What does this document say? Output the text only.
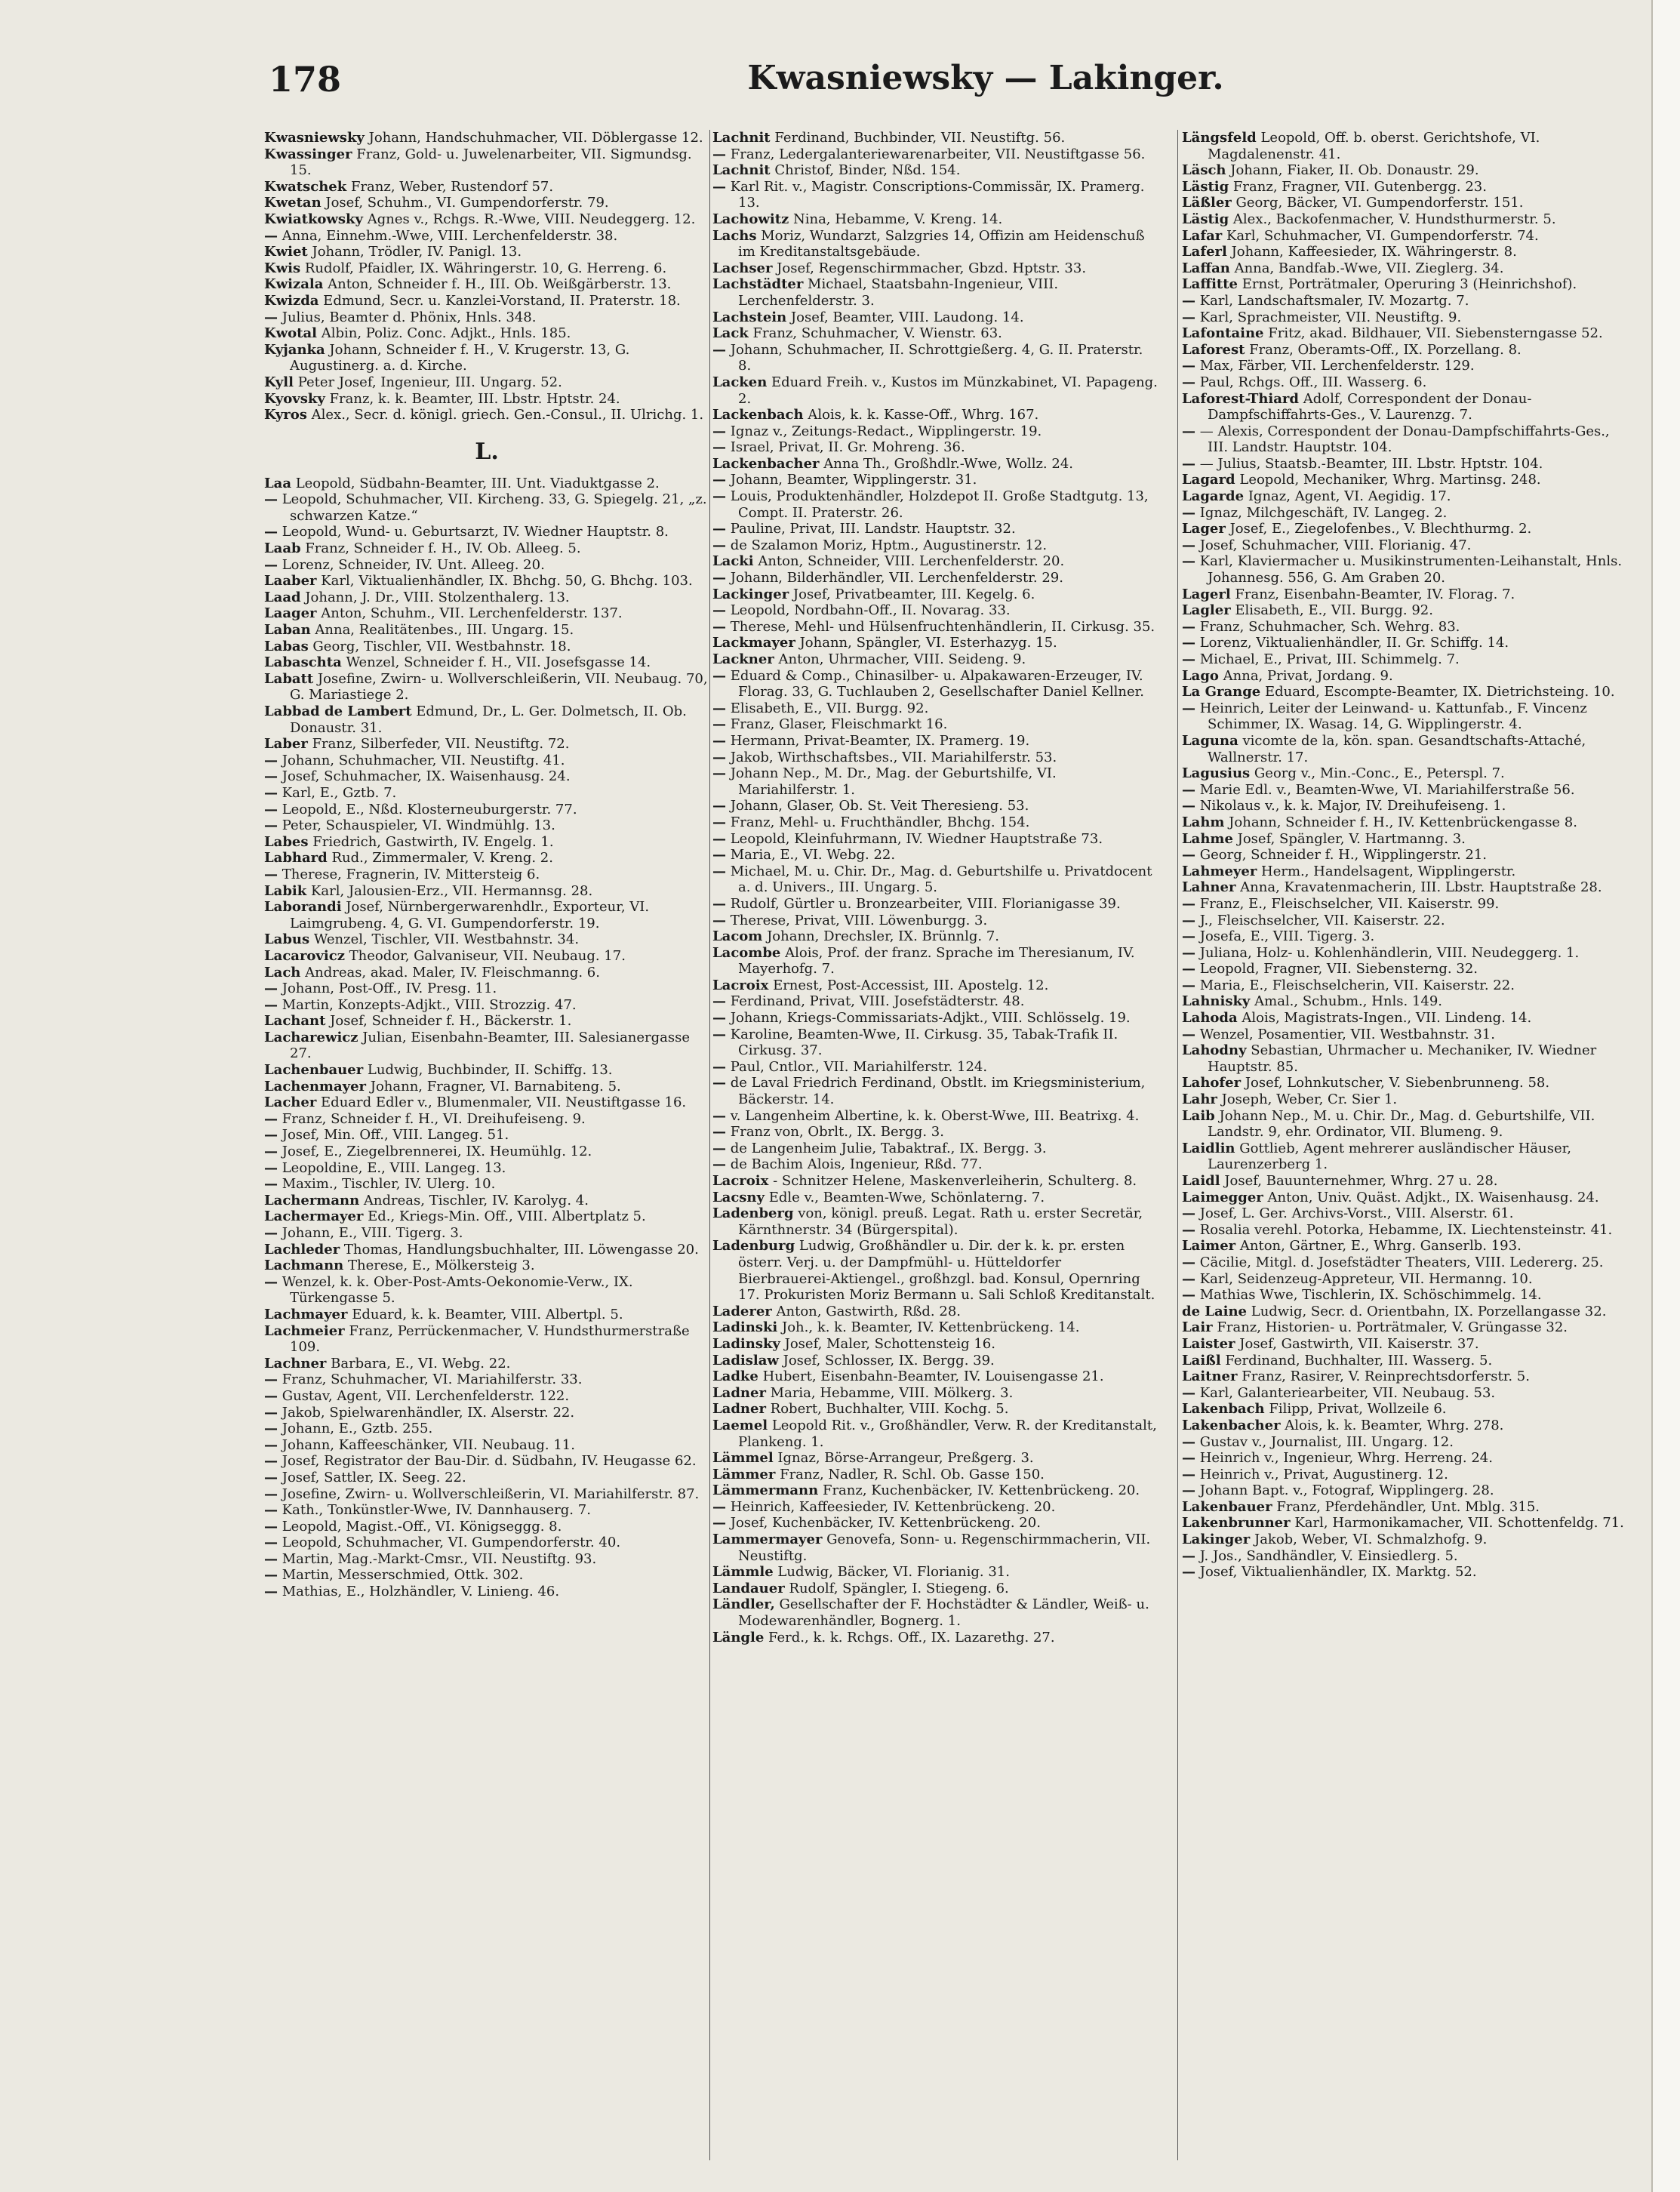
178	Kwasniewsky — Lakinger.
Kwasniewsky Johann, Handschuhmacher, VII. Döblergasse 12.
Kwassinger Franz, Gold- u. Juwelenarbeiter, VII. Sigmundsg. 15.
Kwatschek Franz, Weber, Rustendorf 57.
Kwetan Josef, Schuhm., VI. Gumpendorferstr. 79.
Kwiatkowsky Agnes v., Rchgs. R.-Wwe, VIII. Neudeggerg. 12.
— Anna, Einnehm.-Wwe, VIII. Lerchenfelderstr. 38.
Kwiet Johann, Trödler, IV. Panigl. 13.
Kwis Rudolf, Pfaidler, IX. Währingerstr. 10, G. Herreng. 6.
Kwizala Anton, Schneider f. H., III. Ob. Weißgärberstr. 13.
Kwizda Edmund, Secr. u. Kanzlei-Vorstand, II. Praterstr. 18.
— Julius, Beamter d. Phönix, Hnls. 348.
Kwotal Albin, Poliz. Conc. Adjkt., Hnls. 185.
Kyjanka Johann, Schneider f. H., V. Krugerstr. 13, G. Augustinerg. a. d. Kirche.
Kyll Peter Josef, Ingenieur, III. Ungarg. 52.
Kyovsky Franz, k. k. Beamter, III. Lbstr. Hptstr. 24.
Kyros Alex., Secr. d. königl. griech. Gen.-Consul., II. Ulrichg. 1.
L.
Laa Leopold, Südbahn-Beamter, III. Unt. Viaduktgasse 2.
— Leopold, Schuhmacher, VII. Kircheng. 33, G. Spiegelg. 21, „z. schwarzen Katze.“
— Leopold, Wund- u. Geburtsarzt, IV. Wiedner Hauptstr. 8.
Laab Franz, Schneider f. H., IV. Ob. Alleeg. 5.
— Lorenz, Schneider, IV. Unt. Alleeg. 20.
Laaber Karl, Viktualienhändler, IX. Bhchg. 50, G. Bhchg. 103.
Laad Johann, J. Dr., VIII. Stolzenthalerg. 13.
Laager Anton, Schuhm., VII. Lerchenfelderstr. 137.
Laban Anna, Realitätenbes., III. Ungarg. 15.
Labas Georg, Tischler, VII. Westbahnstr. 18.
Labaschta Wenzel, Schneider f. H., VII. Josefsgasse 14.
Labatt Josefine, Zwirn- u. Wollverschleißerin, VII. Neubaug. 70, G. Mariastiege 2.
Labbad de Lambert Edmund, Dr., L. Ger. Dolmetsch, II. Ob. Donaustr. 31.
Laber Franz, Silberfeder, VII. Neustiftg. 72.
— Johann, Schuhmacher, VII. Neustiftg. 41.
— Josef, Schuhmacher, IX. Waisenhausg. 24.
— Karl, E., Gztb. 7.
— Leopold, E., Nßd. Klosterneuburgerstr. 77.
— Peter, Schauspieler, VI. Windmühlg. 13.
Labes Friedrich, Gastwirth, IV. Engelg. 1.
Labhard Rud., Zimmermaler, V. Kreng. 2.
— Therese, Fragnerin, IV. Mittersteig 6.
Labik Karl, Jalousien-Erz., VII. Hermannsg. 28.
Laborandi Josef, Nürnbergerwarenhdlr., Exporteur, VI. Laimgrubeng. 4, G. VI. Gumpendorferstr. 19.
Labus Wenzel, Tischler, VII. Westbahnstr. 34.
Lacarovicz Theodor, Galvaniseur, VII. Neubaug. 17.
Lach Andreas, akad. Maler, IV. Fleischmanng. 6.
— Johann, Post-Off., IV. Presg. 11.
— Martin, Konzepts-Adjkt., VIII. Strozzig. 47.
Lachant Josef, Schneider f. H., Bäckerstr. 1.
Lacharewicz Julian, Eisenbahn-Beamter, III. Salesianergasse 27.
Lachenbauer Ludwig, Buchbinder, II. Schiffg. 13.
Lachenmayer Johann, Fragner, VI. Barnabiteng. 5.
Lacher Eduard Edler v., Blumenmaler, VII. Neustiftgasse 16.
— Franz, Schneider f. H., VI. Dreihufeiseng. 9.
— Josef, Min. Off., VIII. Langeg. 51.
— Josef, E., Ziegelbrennerei, IX. Heumühlg. 12.
— Leopoldine, E., VIII. Langeg. 13.
— Maxim., Tischler, IV. Ulerg. 10.
Lachermann Andreas, Tischler, IV. Karolyg. 4.
Lachermayer Ed., Kriegs-Min. Off., VIII. Albertplatz 5.
— Johann, E., VIII. Tigerg. 3.
Lachleder Thomas, Handlungsbuchhalter, III. Löwengasse 20.
Lachmann Therese, E., Mölkersteig 3.
— Wenzel, k. k. Ober-Post-Amts-Oekonomie-Verw., IX. Türkengasse 5.
Lachmayer Eduard, k. k. Beamter, VIII. Albertpl. 5.
Lachmeier Franz, Perrückenmacher, V. Hundsthurmerstraße 109.
Lachner Barbara, E., VI. Webg. 22.
— Franz, Schuhmacher, VI. Mariahilferstr. 33.
— Gustav, Agent, VII. Lerchenfelderstr. 122.
— Jakob, Spielwarenhändler, IX. Alserstr. 22.
— Johann, E., Gztb. 255.
— Johann, Kaffeeschänker, VII. Neubaug. 11.
— Josef, Registrator der Bau-Dir. d. Südbahn, IV. Heugasse 62.
— Josef, Sattler, IX. Seeg. 22.
— Josefine, Zwirn- u. Wollverschleißerin, VI. Mariahilferstr. 87.
— Kath., Tonkünstler-Wwe, IV. Dannhauserg. 7.
— Leopold, Magist.-Off., VI. Königseggg. 8.
— Leopold, Schuhmacher, VI. Gumpendorferstr. 40.
— Martin, Mag.-Markt-Cmsr., VII. Neustiftg. 93.
— Martin, Messerschmied, Ottk. 302.
— Mathias, E., Holzhändler, V. Linieng. 46.
Lachnit Ferdinand, Buchbinder, VII. Neustiftg. 56.
— Franz, Ledergalanteriewarenarbeiter, VII. Neustiftgasse 56.
Lachnit Christof, Binder, Nßd. 154.
— Karl Rit. v., Magistr. Conscriptions-Commissär, IX. Pramerg. 13.
Lachowitz Nina, Hebamme, V. Kreng. 14.
Lachs Moriz, Wundarzt, Salzgries 14, Offizin am Heidenschuß im Kreditanstaltsgebäude.
Lachser Josef, Regenschirmmacher, Gbzd. Hptstr. 33.
Lachstädter Michael, Staatsbahn-Ingenieur, VIII. Lerchenfelderstr. 3.
Lachstein Josef, Beamter, VIII. Laudong. 14.
Lack Franz, Schuhmacher, V. Wienstr. 63.
— Johann, Schuhmacher, II. Schrottgießerg. 4, G. II. Praterstr. 8.
Lacken Eduard Freih. v., Kustos im Münzkabinet, VI. Papageng. 2.
Lackenbach Alois, k. k. Kasse-Off., Whrg. 167.
— Ignaz v., Zeitungs-Redact., Wipplingerstr. 19.
— Israel, Privat, II. Gr. Mohreng. 36.
Lackenbacher Anna Th., Großhdlr.-Wwe, Wollz. 24.
— Johann, Beamter, Wipplingerstr. 31.
— Louis, Produktenhändler, Holzdepot II. Große Stadtgutg. 13, Compt. II. Praterstr. 26.
— Pauline, Privat, III. Landstr. Hauptstr. 32.
— de Szalamon Moriz, Hptm., Augustinerstr. 12.
Lacki Anton, Schneider, VIII. Lerchenfelderstr. 20.
— Johann, Bilderhändler, VII. Lerchenfelderstr. 29.
Lackinger Josef, Privatbeamter, III. Kegelg. 6.
— Leopold, Nordbahn-Off., II. Novarag. 33.
— Therese, Mehl- und Hülsenfruchtenhändlerin, II. Cirkusg. 35.
Lackmayer Johann, Spängler, VI. Esterhazyg. 15.
Lackner Anton, Uhrmacher, VIII. Seideng. 9.
— Eduard & Comp., Chinasilber- u. Alpakawaren-Erzeuger, IV. Florag. 33, G. Tuchlauben 2, Gesellschafter Daniel Kellner.
— Elisabeth, E., VII. Burgg. 92.
— Franz, Glaser, Fleischmarkt 16.
— Hermann, Privat-Beamter, IX. Pramerg. 19.
— Jakob, Wirthschaftsbes., VII. Mariahilferstr. 53.
— Johann Nep., M. Dr., Mag. der Geburtshilfe, VI. Mariahilferstr. 1.
— Johann, Glaser, Ob. St. Veit Theresieng. 53.
— Franz, Mehl- u. Fruchthändler, Bhchg. 154.
— Leopold, Kleinfuhrmann, IV. Wiedner Hauptstraße 73.
— Maria, E., VI. Webg. 22.
— Michael, M. u. Chir. Dr., Mag. d. Geburtshilfe u. Privatdocent a. d. Univers., III. Ungarg. 5.
— Rudolf, Gürtler u. Bronzearbeiter, VIII. Florianigasse 39.
— Therese, Privat, VIII. Löwenburgg. 3.
Lacom Johann, Drechsler, IX. Brünnlg. 7.
Lacombe Alois, Prof. der franz. Sprache im Theresianum, IV. Mayerhofg. 7.
Lacroix Ernest, Post-Accessist, III. Apostelg. 12.
— Ferdinand, Privat, VIII. Josefstädterstr. 48.
— Johann, Kriegs-Commissariats-Adjkt., VIII. Schlösselg. 19.
— Karoline, Beamten-Wwe, II. Cirkusg. 35, Tabak-Trafik II. Cirkusg. 37.
— Paul, Cntlor., VII. Mariahilferstr. 124.
— de Laval Friedrich Ferdinand, Obstlt. im Kriegsministerium, Bäckerstr. 14.
— v. Langenheim Albertine, k. k. Oberst-Wwe, III. Beatrixg. 4.
— Franz von, Obrlt., IX. Bergg. 3.
— de Langenheim Julie, Tabaktraf., IX. Bergg. 3.
— de Bachim Alois, Ingenieur, Rßd. 77.
Lacroix - Schnitzer Helene, Maskenverleiherin, Schulterg. 8.
Lacsny Edle v., Beamten-Wwe, Schönlaterng. 7.
Ladenberg von, königl. preuß. Legat. Rath u. erster Secretär, Kärnthnerstr. 34 (Bürgerspital).
Ladenburg Ludwig, Großhändler u. Dir. der k. k. pr. ersten österr. Verj. u. der Dampfmühl- u. Hütteldorfer Bierbrauerei-Aktiengel., großhzgl. bad. Konsul, Opernring 17. Prokuristen Moriz Bermann u. Sali Schloß Kreditanstalt.
Laderer Anton, Gastwirth, Rßd. 28.
Ladinski Joh., k. k. Beamter, IV. Kettenbrückeng. 14.
Ladinsky Josef, Maler, Schottensteig 16.
Ladislaw Josef, Schlosser, IX. Bergg. 39.
Ladke Hubert, Eisenbahn-Beamter, IV. Louisengasse 21.
Ladner Maria, Hebamme, VIII. Mölkerg. 3.
Ladner Robert, Buchhalter, VIII. Kochg. 5.
Laemel Leopold Rit. v., Großhändler, Verw. R. der Kreditanstalt, Plankeng. 1.
Lämmel Ignaz, Börse-Arrangeur, Preßgerg. 3.
Lämmer Franz, Nadler, R. Schl. Ob. Gasse 150.
Lämmermann Franz, Kuchenbäcker, IV. Kettenbrückeng. 20.
— Heinrich, Kaffeesieder, IV. Kettenbrückeng. 20.
— Josef, Kuchenbäcker, IV. Kettenbrückeng. 20.
Lammermayer Genovefa, Sonn- u. Regenschirmmacherin, VII. Neustiftg.
Lämmle Ludwig, Bäcker, VI. Florianig. 31.
Landauer Rudolf, Spängler, I. Stiegeng. 6.
Ländler, Gesellschafter der F. Hochstädter & Ländler, Weiß- u. Modewarenhändler, Bognerg. 1.
Längle Ferd., k. k. Rchgs. Off., IX. Lazarethg. 27.
Längsfeld Leopold, Off. b. oberst. Gerichtshofe, VI. Magdalenenstr. 41.
Läsch Johann, Fiaker, II. Ob. Donaustr. 29.
Lästig Franz, Fragner, VII. Gutenbergg. 23.
Läßler Georg, Bäcker, VI. Gumpendorferstr. 151.
Lästig Alex., Backofenmacher, V. Hundsthurmerstr. 5.
Lafar Karl, Schuhmacher, VI. Gumpendorferstr. 74.
Laferl Johann, Kaffeesieder, IX. Währingerstr. 8.
Laffan Anna, Bandfab.-Wwe, VII. Zieglerg. 34.
Laffitte Ernst, Porträtmaler, Operuring 3 (Heinrichshof).
— Karl, Landschaftsmaler, IV. Mozartg. 7.
— Karl, Sprachmeister, VII. Neustiftg. 9.
Lafontaine Fritz, akad. Bildhauer, VII. Siebensterngasse 52.
Laforest Franz, Oberamts-Off., IX. Porzellang. 8.
— Max, Färber, VII. Lerchenfelderstr. 129.
— Paul, Rchgs. Off., III. Wasserg. 6.
Laforest-Thiard Adolf, Correspondent der Donau-Dampfschiffahrts-Ges., V. Laurenzg. 7.
— — Alexis, Correspondent der Donau-Dampfschiffahrts-Ges., III. Landstr. Hauptstr. 104.
— — Julius, Staatsb.-Beamter, III. Lbstr. Hptstr. 104.
Lagard Leopold, Mechaniker, Whrg. Martinsg. 248.
Lagarde Ignaz, Agent, VI. Aegidig. 17.
— Ignaz, Milchgeschäft, IV. Langeg. 2.
Lager Josef, E., Ziegelofenbes., V. Blechthurmg. 2.
— Josef, Schuhmacher, VIII. Florianig. 47.
— Karl, Klaviermacher u. Musikinstrumenten-Leihanstalt, Hnls. Johannesg. 556, G. Am Graben 20.
Lagerl Franz, Eisenbahn-Beamter, IV. Florag. 7.
Lagler Elisabeth, E., VII. Burgg. 92.
— Franz, Schuhmacher, Sch. Wehrg. 83.
— Lorenz, Viktualienhändler, II. Gr. Schiffg. 14.
— Michael, E., Privat, III. Schimmelg. 7.
Lago Anna, Privat, Jordang. 9.
La Grange Eduard, Escompte-Beamter, IX. Dietrichsteing. 10.
— Heinrich, Leiter der Leinwand- u. Kattunfab., F. Vincenz Schimmer, IX. Wasag. 14, G. Wipplingerstr. 4.
Laguna vicomte de la, kön. span. Gesandtschafts-Attaché, Wallnerstr. 17.
Lagusius Georg v., Min.-Conc., E., Peterspl. 7.
— Marie Edl. v., Beamten-Wwe, VI. Mariahilferstraße 56.
— Nikolaus v., k. k. Major, IV. Dreihufeiseng. 1.
Lahm Johann, Schneider f. H., IV. Kettenbrückengasse 8.
Lahme Josef, Spängler, V. Hartmanng. 3.
— Georg, Schneider f. H., Wipplingerstr. 21.
Lahmeyer Herm., Handelsagent, Wipplingerstr.
Lahner Anna, Kravatenmacherin, III. Lbstr. Hauptstraße 28.
— Franz, E., Fleischselcher, VII. Kaiserstr. 99.
— J., Fleischselcher, VII. Kaiserstr. 22.
— Josefa, E., VIII. Tigerg. 3.
— Juliana, Holz- u. Kohlenhändlerin, VIII. Neudeggerg. 1.
— Leopold, Fragner, VII. Siebensterng. 32.
— Maria, E., Fleischselcherin, VII. Kaiserstr. 22.
Lahnisky Amal., Schubm., Hnls. 149.
Lahoda Alois, Magistrats-Ingen., VII. Lindeng. 14.
— Wenzel, Posamentier, VII. Westbahnstr. 31.
Lahodny Sebastian, Uhrmacher u. Mechaniker, IV. Wiedner Hauptstr. 85.
Lahofer Josef, Lohnkutscher, V. Siebenbrunneng. 58.
Lahr Joseph, Weber, Cr. Sier 1.
Laib Johann Nep., M. u. Chir. Dr., Mag. d. Geburtshilfe, VII. Landstr. 9, ehr. Ordinator, VII. Blumeng. 9.
Laidlin Gottlieb, Agent mehrerer ausländischer Häuser, Laurenzerberg 1.
Laidl Josef, Bauunternehmer, Whrg. 27 u. 28.
Laimegger Anton, Univ. Quäst. Adjkt., IX. Waisenhausg. 24.
— Josef, L. Ger. Archivs-Vorst., VIII. Alserstr. 61.
— Rosalia verehl. Potorka, Hebamme, IX. Liechtensteinstr. 41.
Laimer Anton, Gärtner, E., Whrg. Ganserlb. 193.
— Cäcilie, Mitgl. d. Josefstädter Theaters, VIII. Ledererg. 25.
— Karl, Seidenzeug-Appreteur, VII. Hermanng. 10.
— Mathias Wwe, Tischlerin, IX. Schöschimmelg. 14.
de Laine Ludwig, Secr. d. Orientbahn, IX. Porzellangasse 32.
Lair Franz, Historien- u. Porträtmaler, V. Grüngasse 32.
Laister Josef, Gastwirth, VII. Kaiserstr. 37.
Laißl Ferdinand, Buchhalter, III. Wasserg. 5.
Laitner Franz, Rasirer, V. Reinprechtsdorferstr. 5.
— Karl, Galanteriearbeiter, VII. Neubaug. 53.
Lakenbach Filipp, Privat, Wollzeile 6.
Lakenbacher Alois, k. k. Beamter, Whrg. 278.
— Gustav v., Journalist, III. Ungarg. 12.
— Heinrich v., Ingenieur, Whrg. Herreng. 24.
— Heinrich v., Privat, Augustinerg. 12.
— Johann Bapt. v., Fotograf, Wipplingerg. 28.
Lakenbauer Franz, Pferdehändler, Unt. Mblg. 315.
Lakenbrunner Karl, Harmonikamacher, VII. Schottenfeldg. 71.
Lakinger Jakob, Weber, VI. Schmalzhofg. 9.
— J. Jos., Sandhändler, V. Einsiedlerg. 5.
— Josef, Viktualienhändler, IX. Marktg. 52.
